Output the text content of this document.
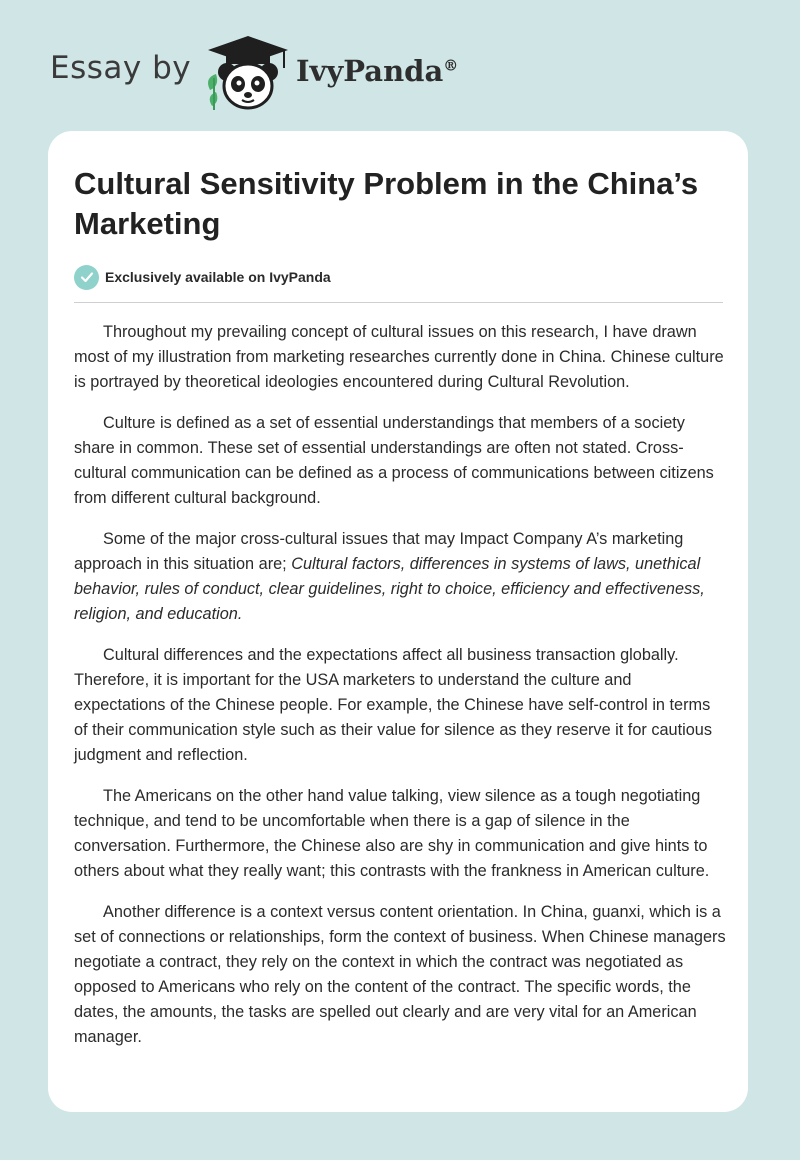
Essay by	IvyPanda®
Cultural Sensitivity Problem in the China’s Marketing
Exclusively available on IvyPanda

Throughout my prevailing concept of cultural issues on this research, I have drawn most of my illustration from marketing researches currently done in China. Chinese culture is portrayed by theoretical ideologies encountered during Cultural Revolution.

Culture is defined as a set of essential understandings that members of a society share in common. These set of essential understandings are often not stated. Cross-cultural communication can be defined as a process of communications between citizens from different cultural background.

Some of the major cross-cultural issues that may Impact Company A’s marketing approach in this situation are; Cultural factors, differences in systems of laws, unethical behavior, rules of conduct, clear guidelines, right to choice, efficiency and effectiveness, religion, and education.

Cultural differences and the expectations affect all business transaction globally. Therefore, it is important for the USA marketers to understand the culture and expectations of the Chinese people. For example, the Chinese have self-control in terms of their communication style such as their value for silence as they reserve it for cautious judgment and reflection.

The Americans on the other hand value talking, view silence as a tough negotiating technique, and tend to be uncomfortable when there is a gap of silence in the conversation. Furthermore, the Chinese also are shy in communication and give hints to others about what they really want; this contrasts with the frankness in American culture.

Another difference is a context versus content orientation. In China, guanxi, which is a set of connections or relationships, form the context of business. When Chinese managers negotiate a contract, they rely on the context in which the contract was negotiated as opposed to Americans who rely on the content of the contract. The specific words, the dates, the amounts, the tasks are spelled out clearly and are very vital for an American manager.
